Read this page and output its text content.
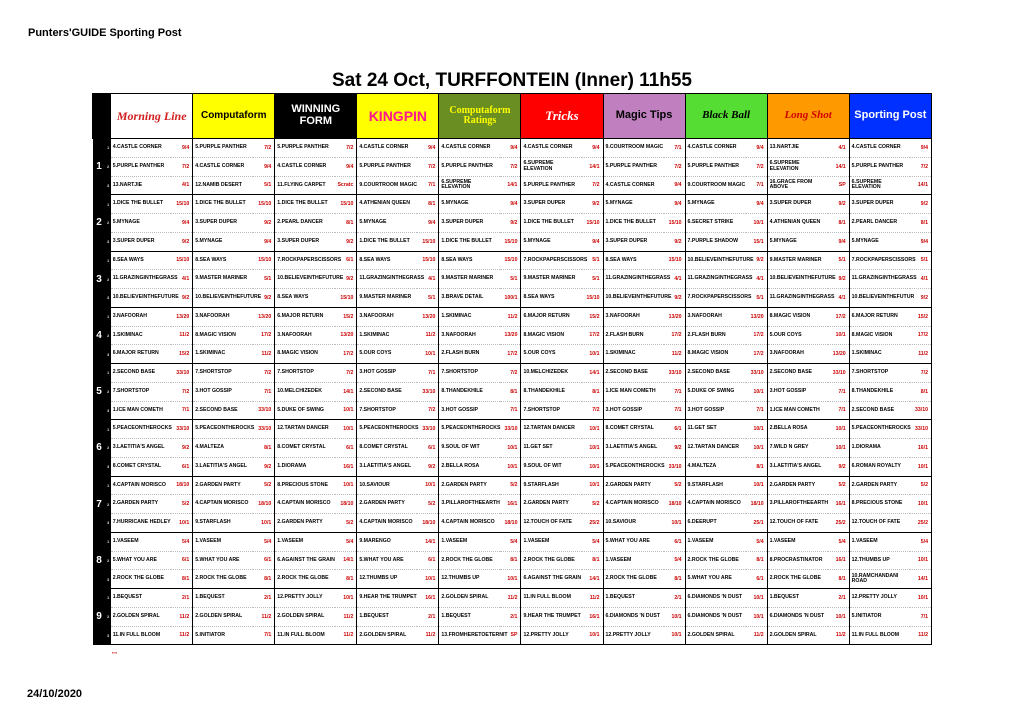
Punters'GUIDE Sporting Post
Sat 24 Oct, TURFFONTEIN (Inner) 11h55

		Morning Line		Computaform		WINNING FORM		KINGPIN		Computaform Ratings		Tricks		Magic Tips		Black Ball		Long Shot		Sporting Post	

1	1	4.CASTLE CORNER	9/4	5.PURPLE PANTHER	7/2	5.PURPLE PANTHER	7/2	4.CASTLE CORNER	9/4	4.CASTLE CORNER	9/4	4.CASTLE CORNER	9/4	9.COURTROOM MAGIC	7/1	4.CASTLE CORNER	9/4	13.NARTJIE	4/1	4.CASTLE CORNER	9/4
	2	5.PURPLE PANTHER	7/2	4.CASTLE CORNER	9/4	4.CASTLE CORNER	9/4	5.PURPLE PANTHER	7/2	5.PURPLE PANTHER	7/2	6.SUPREME ELEVATION	14/1	5.PURPLE PANTHER	7/2	5.PURPLE PANTHER	7/2	6.SUPREME ELEVATION	14/1	5.PURPLE PANTHER	7/2
	3	13.NARTJIE	4/1	12.NAMIB DESERT	5/1	11.FLYING CARPET	Scratc	9.COURTROOM MAGIC	7/1	6.SUPREME ELEVATION	14/1	5.PURPLE PANTHER	7/2	4.CASTLE CORNER	9/4	9.COURTROOM MAGIC	7/1	16.GRACE FROM ABOVE	SP	6.SUPREME ELEVATION	14/1
2	1	1.DICE THE BULLET	15/10	1.DICE THE BULLET	15/10	1.DICE THE BULLET	15/10	4.ATHENIAN QUEEN	8/1	5.MYNAGE	9/4	3.SUPER DUPER	9/2	5.MYNAGE	9/4	5.MYNAGE	9/4	3.SUPER DUPER	9/2	3.SUPER DUPER	9/2
	2	5.MYNAGE	9/4	3.SUPER DUPER	9/2	2.PEARL DANCER	8/1	5.MYNAGE	9/4	3.SUPER DUPER	9/2	1.DICE THE BULLET	15/10	1.DICE THE BULLET	15/10	6.SECRET STRIKE	10/1	4.ATHENIAN QUEEN	8/1	2.PEARL DANCER	8/1
	3	3.SUPER DUPER	9/2	5.MYNAGE	9/4	3.SUPER DUPER	9/2	1.DICE THE BULLET	15/10	1.DICE THE BULLET	15/10	5.MYNAGE	9/4	3.SUPER DUPER	9/2	7.PURPLE SHADOW	15/1	5.MYNAGE	9/4	5.MYNAGE	9/4
3	1	8.SEA WAYS	15/10	8.SEA WAYS	15/10	7.ROCKPAPERSCISSORS	6/1	8.SEA WAYS	15/10	8.SEA WAYS	15/10	7.ROCKPAPERSCISSORS	5/1	8.SEA WAYS	15/10	10.BELIEVEINTHEFUTURE	9/2	9.MASTER MARINER	5/1	7.ROCKPAPERSCISSORS	5/1
	2	11.GRAZINGINTHEGRASS	4/1	9.MASTER MARINER	5/1	10.BELIEVEINTHEFUTURE	9/2	11.GRAZINGINTHEGRASS	4/1	9.MASTER MARINER	5/1	9.MASTER MARINER	5/1	11.GRAZINGINTHEGRASS	4/1	11.GRAZINGINTHEGRASS	4/1	10.BELIEVEINTHEFUTURE	9/2	11.GRAZINGINTHEGRASS	4/1
	3	10.BELIEVEINTHEFUTURE	9/2	10.BELIEVEINTHEFUTURE	9/2	8.SEA WAYS	15/10	9.MASTER MARINER	5/1	3.BRAVE DETAIL	100/1	8.SEA WAYS	15/10	10.BELIEVEINTHEFUTURE	9/2	7.ROCKPAPERSCISSORS	5/1	11.GRAZINGINTHEGRASS	4/1	10.BELIEVEINTHEFUTUR	9/2
4	1	3.NAFOORAH	13/20	3.NAFOORAH	13/20	6.MAJOR RETURN	15/2	3.NAFOORAH	13/20	1.SKIMINAC	11/2	6.MAJOR RETURN	15/2	3.NAFOORAH	13/20	3.NAFOORAH	13/20	8.MAGIC VISION	17/2	6.MAJOR RETURN	15/2
	2	1.SKIMINAC	11/2	8.MAGIC VISION	17/2	3.NAFOORAH	13/20	1.SKIMINAC	11/2	3.NAFOORAH	13/20	8.MAGIC VISION	17/2	2.FLASH BURN	17/2	2.FLASH BURN	17/2	5.OUR COYS	10/1	8.MAGIC VISION	17/2
	3	6.MAJOR RETURN	15/2	1.SKIMINAC	11/2	8.MAGIC VISION	17/2	5.OUR COYS	10/1	2.FLASH BURN	17/2	5.OUR COYS	10/1	1.SKIMINAC	11/2	8.MAGIC VISION	17/2	3.NAFOORAH	13/20	1.SKIMINAC	11/2
5	1	2.SECOND BASE	33/10	7.SHORTSTOP	7/2	7.SHORTSTOP	7/2	3.HOT GOSSIP	7/1	7.SHORTSTOP	7/2	10.MELCHIZEDEK	14/1	2.SECOND BASE	33/10	2.SECOND BASE	33/10	2.SECOND BASE	33/10	7.SHORTSTOP	7/2
	2	7.SHORTSTOP	7/2	3.HOT GOSSIP	7/1	10.MELCHIZEDEK	14/1	2.SECOND BASE	33/10	8.THANDEKHILE	8/1	8.THANDEKHILE	8/1	1.ICE MAN COMETH	7/1	5.DUKE OF SWING	10/1	3.HOT GOSSIP	7/1	8.THANDEKHILE	8/1
	3	1.ICE MAN COMETH	7/1	2.SECOND BASE	33/10	5.DUKE OF SWING	10/1	7.SHORTSTOP	7/2	3.HOT GOSSIP	7/1	7.SHORTSTOP	7/2	3.HOT GOSSIP	7/1	3.HOT GOSSIP	7/1	1.ICE MAN COMETH	7/1	2.SECOND BASE	33/10
6	1	5.PEACEONTHEROCKS	33/10	5.PEACEONTHEROCKS	33/10	12.TARTAN DANCER	10/1	5.PEACEONTHEROCKS	33/10	5.PEACEONTHEROCKS	33/10	12.TARTAN DANCER	10/1	8.COMET CRYSTAL	6/1	11.GET SET	10/1	2.BELLA ROSA	10/1	5.PEACEONTHEROCKS	33/10
	2	3.LAETITIA'S ANGEL	9/2	4.MALTEZA	8/1	8.COMET CRYSTAL	6/1	8.COMET CRYSTAL	6/1	9.SOUL OF WIT	10/1	11.GET SET	10/1	3.LAETITIA'S ANGEL	9/2	12.TARTAN DANCER	10/1	7.WILD N GREY	10/1	1.DIORAMA	16/1
	3	8.COMET CRYSTAL	6/1	3.LAETITIA'S ANGEL	9/2	1.DIORAMA	16/1	3.LAETITIA'S ANGEL	9/2	2.BELLA ROSA	10/1	9.SOUL OF WIT	10/1	5.PEACEONTHEROCKS	33/10	4.MALTEZA	8/1	3.LAETITIA'S ANGEL	9/2	6.ROMAN ROYALTY	10/1
7	1	4.CAPTAIN MORISCO	18/10	2.GARDEN PARTY	5/2	8.PRECIOUS STONE	10/1	10.SAVIOUR	10/1	2.GARDEN PARTY	5/2	9.STARFLASH	10/1	2.GARDEN PARTY	5/2	9.STARFLASH	10/1	2.GARDEN PARTY	5/2	2.GARDEN PARTY	5/2
	2	2.GARDEN PARTY	5/2	4.CAPTAIN MORISCO	18/10	4.CAPTAIN MORISCO	18/10	2.GARDEN PARTY	5/2	3.PILLAROFTHEEARTH	16/1	2.GARDEN PARTY	5/2	4.CAPTAIN MORISCO	18/10	4.CAPTAIN MORISCO	18/10	3.PILLAROFTHEEARTH	16/1	8.PRECIOUS STONE	10/1
	3	7.HURRICANE HEDLEY	10/1	9.STARFLASH	10/1	2.GARDEN PARTY	5/2	4.CAPTAIN MORISCO	18/10	4.CAPTAIN MORISCO	18/10	12.TOUCH OF FATE	25/2	10.SAVIOUR	10/1	6.DEERUPT	25/1	12.TOUCH OF FATE	25/2	12.TOUCH OF FATE	25/2
8	1	1.VASEEM	5/4	1.VASEEM	5/4	1.VASEEM	5/4	9.MARENGO	14/1	1.VASEEM	5/4	1.VASEEM	5/4	5.WHAT YOU ARE	6/1	1.VASEEM	5/4	1.VASEEM	5/4	1.VASEEM	5/4
	2	5.WHAT YOU ARE	6/1	5.WHAT YOU ARE	6/1	6.AGAINST THE GRAIN	14/1	5.WHAT YOU ARE	6/1	2.ROCK THE GLOBE	8/1	2.ROCK THE GLOBE	8/1	1.VASEEM	5/4	2.ROCK THE GLOBE	8/1	8.PROCRASTINATOR	16/1	12.THUMBS UP	10/1
	3	2.ROCK THE GLOBE	8/1	2.ROCK THE GLOBE	8/1	2.ROCK THE GLOBE	8/1	12.THUMBS UP	10/1	12.THUMBS UP	10/1	6.AGAINST THE GRAIN	14/1	2.ROCK THE GLOBE	8/1	5.WHAT YOU ARE	6/1	2.ROCK THE GLOBE	8/1	10.RAMCHANDANI ROAD	14/1
9	1	1.BEQUEST	2/1	1.BEQUEST	2/1	12.PRETTY JOLLY	10/1	9.HEAR THE TRUMPET	16/1	2.GOLDEN SPIRAL	11/2	11.IN FULL BLOOM	11/2	1.BEQUEST	2/1	6.DIAMONDS 'N DUST	10/1	1.BEQUEST	2/1	12.PRETTY JOLLY	10/1
	2	2.GOLDEN SPIRAL	11/2	2.GOLDEN SPIRAL	11/2	2.GOLDEN SPIRAL	11/2	1.BEQUEST	2/1	1.BEQUEST	2/1	9.HEAR THE TRUMPET	16/1	6.DIAMONDS 'N DUST	10/1	6.DIAMONDS 'N DUST	10/1	6.DIAMONDS 'N DUST	10/1	5.INITIATOR	7/1
	3	11.IN FULL BLOOM	11/2	5.INITIATOR	7/1	11.IN FULL BLOOM	11/2	2.GOLDEN SPIRAL	11/2	13.FROMHERETOETERNIT	SP	12.PRETTY JOLLY	10/1	12.PRETTY JOLLY	10/1	2.GOLDEN SPIRAL	11/2	2.GOLDEN SPIRAL	11/2	11.IN FULL BLOOM	11/2
""
24/10/2020
